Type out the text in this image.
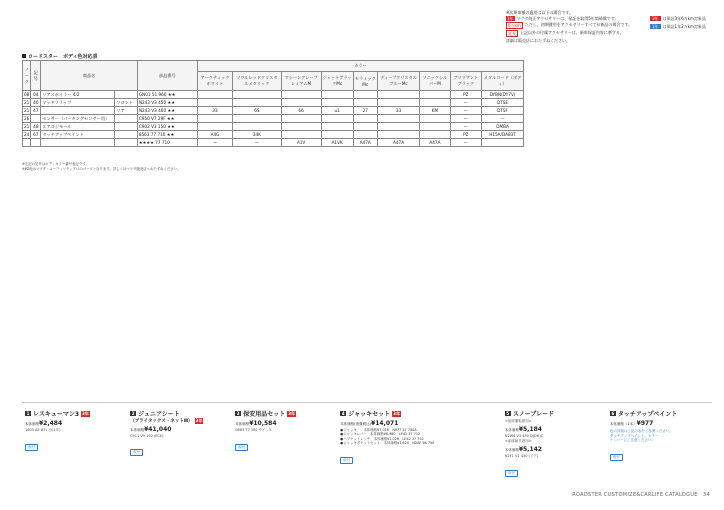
※次期車種の適用は以下の場合です。
3年 マツダ純正アクセサリーは、保証を取得5年間補償です。
6万km	ただし、初期費用をアクセサリーすべてが新品の場合です。
延長	上記以外の付属アクセサリーは、新車保証内容に準ずる。
詳細は販売店におたずねください。
3年	は保証3年6万km対象品
1年	は保証1年2万km対象品
ロードスター　ボディ色対応表
ノーク	記号	商品名		部品番号	カラー								
					アークティックホワイト	ソウルレッドクリスタルメタリック	マシーングレープレミアムM	ジェットブラックMc	セラミックMc	ディープクリスタルブルーMc	ソニックシルバーM	ブリリアントブラック	メタルコード（ボディ）
08	04	リアスポイラー 4/2		GN01 51 960 ★★								PZ	DYBN(DY7V)
21	46	マッドフラップ	フロント	N243 V3 450 ★★								—	DTSE
21	47		リア	N243 V3 460 ★★	33	6S	66	u1	27	33	KM	—	DTSF
26		センサー（パーキングセンサー用）		C950 V7 29F ★★								—	—
21	48	エアロジモール		C902 V3 150 ★★								—	DMBA
24	67	タッチアップペイント		8563 77 710 ★★	A4G	34K						PZ	H15A/DA83T
				★★★★ 77 710	—	—	A1V	A1VK	A47A	A47A	A47A	—	
※左記の記号はボディカラー番号表記です。
※PZ他はマツダ・ユーティリティプロのパーツとなります。詳しくはマツダ販売店へおたずねください。
1 レスキューマン3 3年
本体価格¥2,484
1603 A5 871 小(1年)
取付
2 ジュニアシート
（ブライタックス・ネットⅢ） 3年
本体価格¥41,040
C911 V9 100 (ECE)
取付
3 保安用品セット 3年
本体価格¥10,584
0863 77 300 サイン3
取付
4 ジャッキセット 3年
本体価格(消費税込)¥14,071
●ジャッキ　　本体価格¥7,016　N077 37 750A
●ジャッキレバー　本体価格¥8,980　LE42 37 712
●ハブナットレンチ　本体価格¥1,028　LE42 37 732
●ジャッキポケットセット　本体価格¥1,620　N2AF 66 750
取付
5 スノーブレード
<前席運転席用>
本体価格¥5,184
N2W6 V3 430 D(DH)C
<前席助手席用>
本体価格¥5,142
N2F1 V1 430 (リア)
取付
6 タッチアップペイント
本体価格（1本）¥977
色の詳細は上記の表をご参照ください。
タッチアップペイント、カラー
ナンバーにご注意ください。
取付
ROADSTER CUSTOMIZE&CARLIFE CATALOGUE　34
